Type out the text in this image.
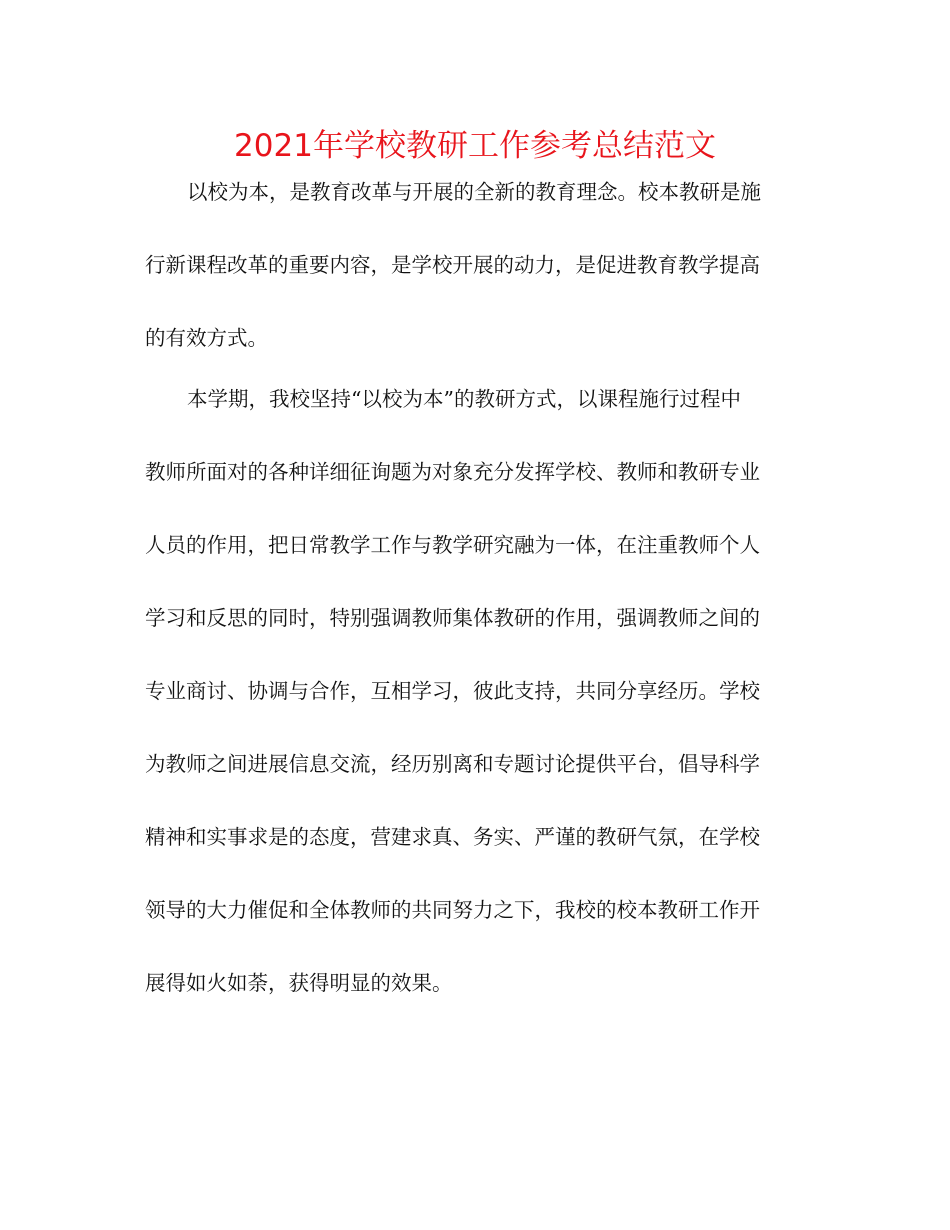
2021年学校教研工作参考总结范文
以校为本，是教育改革与开展的全新的教育理念。校本教研是施
行新课程改革的重要内容，是学校开展的动力，是促进教育教学提高
的有效方式。
本学期，我校坚持“以校为本”的教研方式，以课程施行过程中
教师所面对的各种详细征询题为对象充分发挥学校、教师和教研专业
人员的作用，把日常教学工作与教学研究融为一体，在注重教师个人
学习和反思的同时，特别强调教师集体教研的作用，强调教师之间的
专业商讨、协调与合作，互相学习，彼此支持，共同分享经历。学校
为教师之间进展信息交流，经历别离和专题讨论提供平台，倡导科学
精神和实事求是的态度，营建求真、务实、严谨的教研气氛，在学校
领导的大力催促和全体教师的共同努力之下，我校的校本教研工作开
展得如火如荼，获得明显的效果。
